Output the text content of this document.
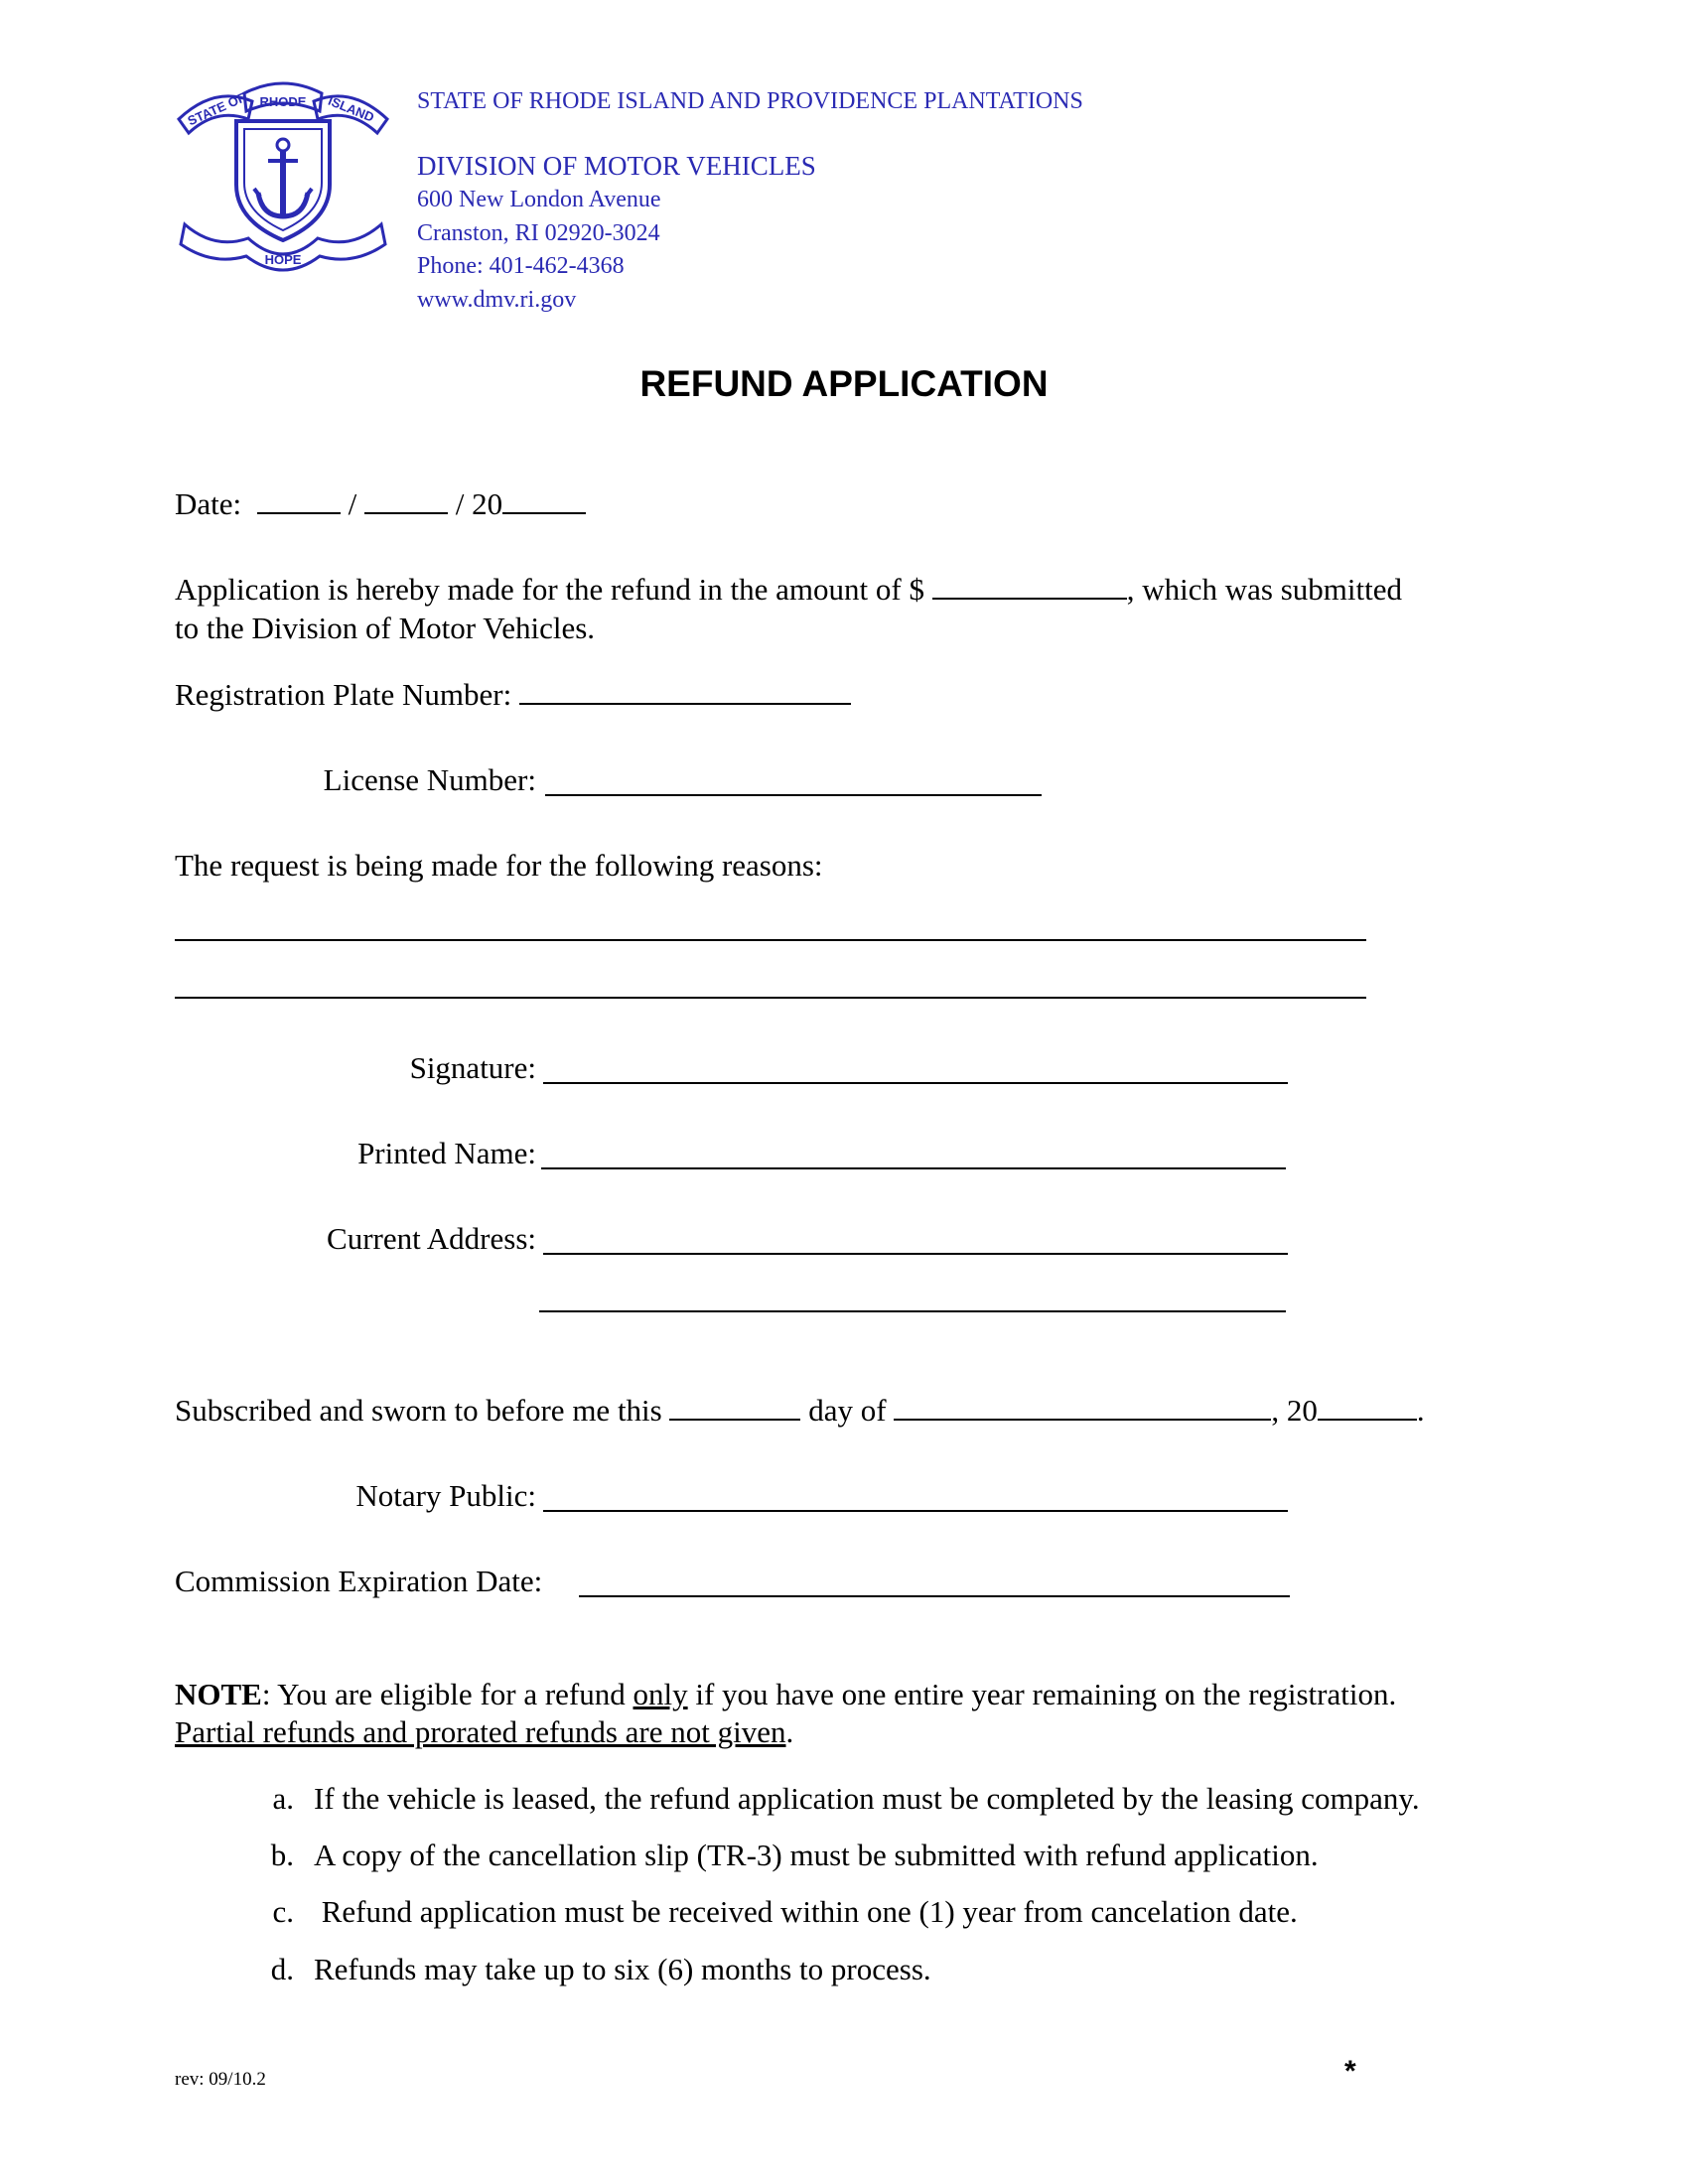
RHODE
STATE OF	ISLAND
HOPE
STATE OF RHODE ISLAND AND PROVIDENCE PLANTATIONS
DIVISION OF MOTOR VEHICLES
600 New London Avenue
Cranston, RI 02920-3024
Phone: 401-462-4368
www.dmv.ri.gov
REFUND APPLICATION
Date:	/	/ 20
Application is hereby made for the refund in the amount of $	, which was submitted
to the Division of Motor Vehicles.
Registration Plate Number:
License Number:
The request is being made for the following reasons:
Signature:
Printed Name:
Current Address:
Subscribed and sworn to before me this	day of	, 20	.
Notary Public:
Commission Expiration Date:
NOTE: You are eligible for a refund only if you have one entire year remaining on the registration.
Partial refunds and prorated refunds are not given.
a. If the vehicle is leased, the refund application must be completed by the leasing company.
b. A copy of the cancellation slip (TR-3) must be submitted with refund application.
c. Refund application must be received within one (1) year from cancelation date.
d. Refunds may take up to six (6) months to process.
rev: 09/10.2	*
